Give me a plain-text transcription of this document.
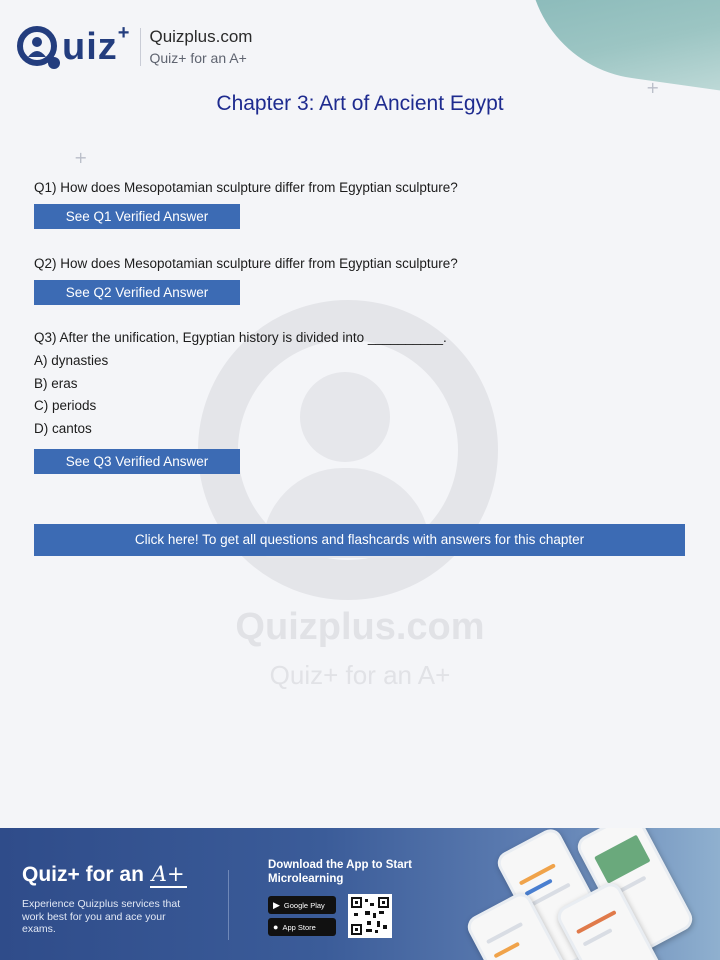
+
+
uiz+ Quizplus.com
Quiz+ for an A+
Chapter 3: Art of Ancient Egypt
Quizplus.com
Quiz+ for an A+

Q1) How does Mesopotamian sculpture differ from Egyptian sculpture?

See Q1 Verified Answer

Q2) How does Mesopotamian sculpture differ from Egyptian sculpture?

See Q2 Verified Answer

Q3) After the unification, Egyptian history is divided into __________.

A) dynasties
B) eras
C) periods
D) cantos
See Q3 Verified Answer
Click here! To get all questions and flashcards with answers for this chapter
Quiz+ for an A+
Experience Quizplus services that work best for you and ace your exams.
Download the App to Start Microlearning
▶ Google Play
● App Store
